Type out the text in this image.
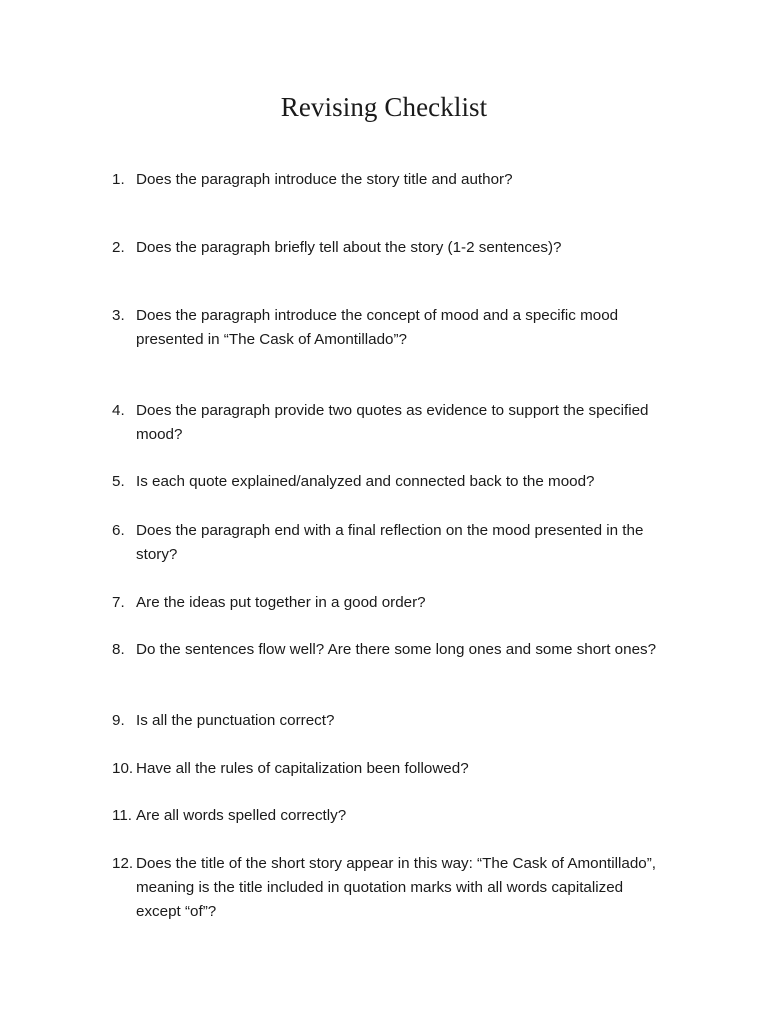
Revising Checklist
1. Does the paragraph introduce the story title and author?
2. Does the paragraph briefly tell about the story (1-2 sentences)?
3. Does the paragraph introduce the concept of mood and a specific mood presented in “The Cask of Amontillado”?
4. Does the paragraph provide two quotes as evidence to support the specified mood?
5. Is each quote explained/analyzed and connected back to the mood?
6. Does the paragraph end with a final reflection on the mood presented in the story?
7. Are the ideas put together in a good order?
8. Do the sentences flow well? Are there some long ones and some short ones?
9. Is all the punctuation correct?
10. Have all the rules of capitalization been followed?
11. Are all words spelled correctly?
12. Does the title of the short story appear in this way: “The Cask of Amontillado”, meaning is the title included in quotation marks with all words capitalized except “of”?
